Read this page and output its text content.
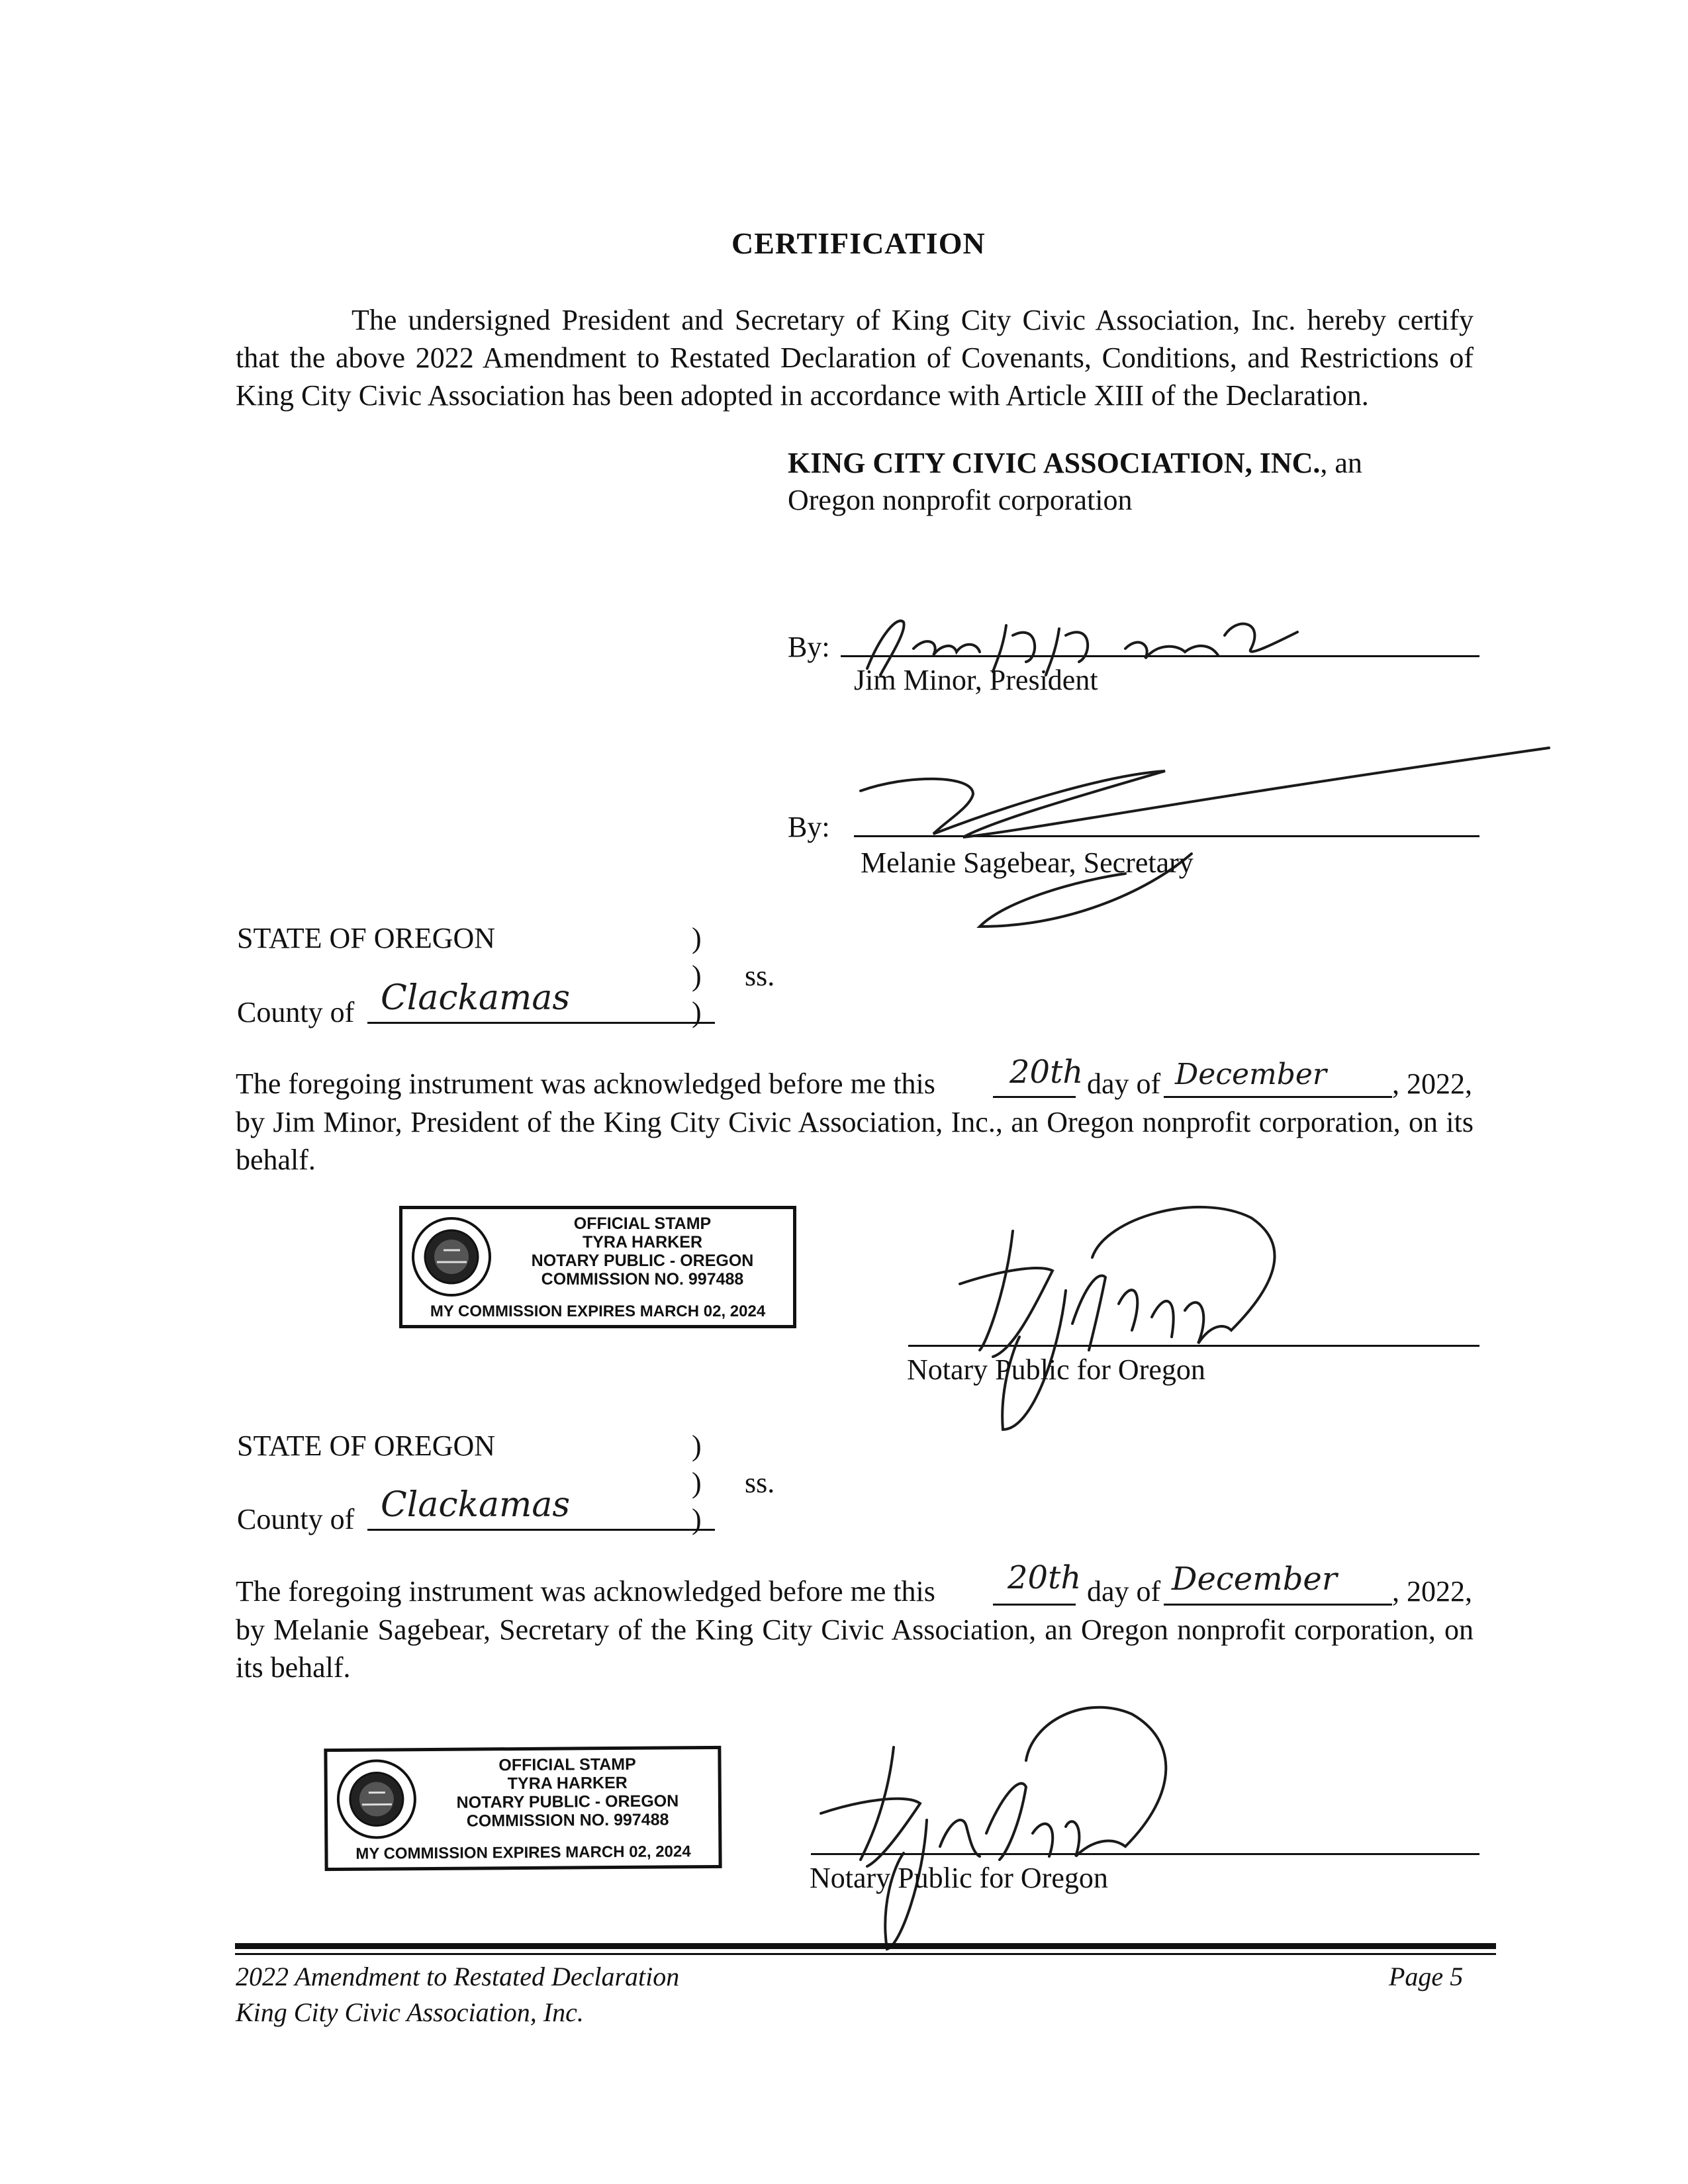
CERTIFICATION

The undersigned President and Secretary of King City Civic Association, Inc. hereby certify that the above 2022 Amendment to Restated Declaration of Covenants, Conditions, and Restrictions of King City Civic Association has been adopted in accordance with Article XIII of the Declaration.

KING CITY CIVIC ASSOCIATION, INC., an
Oregon nonprofit corporation
By:
Jim Minor, President
By:
Melanie Sagebear, Secretary
STATE OF OREGON	)
) ss.
County of Clackamas	)
The foregoing instrument was acknowledged before me this 20th day of December , 2022,
by Jim Minor, President of the King City Civic Association, Inc., an Oregon nonprofit corporation, on its behalf.
OFFICIAL STAMP
TYRA HARKER
NOTARY PUBLIC - OREGON
COMMISSION NO. 997488
MY COMMISSION EXPIRES MARCH 02, 2024
Notary Public for Oregon
STATE OF OREGON	)
) ss.
County of Clackamas	)
The foregoing instrument was acknowledged before me this 20th day of December , 2022,
by Melanie Sagebear, Secretary of the King City Civic Association, an Oregon nonprofit corporation, on its behalf.
OFFICIAL STAMP
TYRA HARKER
NOTARY PUBLIC - OREGON
COMMISSION NO. 997488
MY COMMISSION EXPIRES MARCH 02, 2024
Notary Public for Oregon
2022 Amendment to Restated Declaration
King City Civic Association, Inc.
Page 5
